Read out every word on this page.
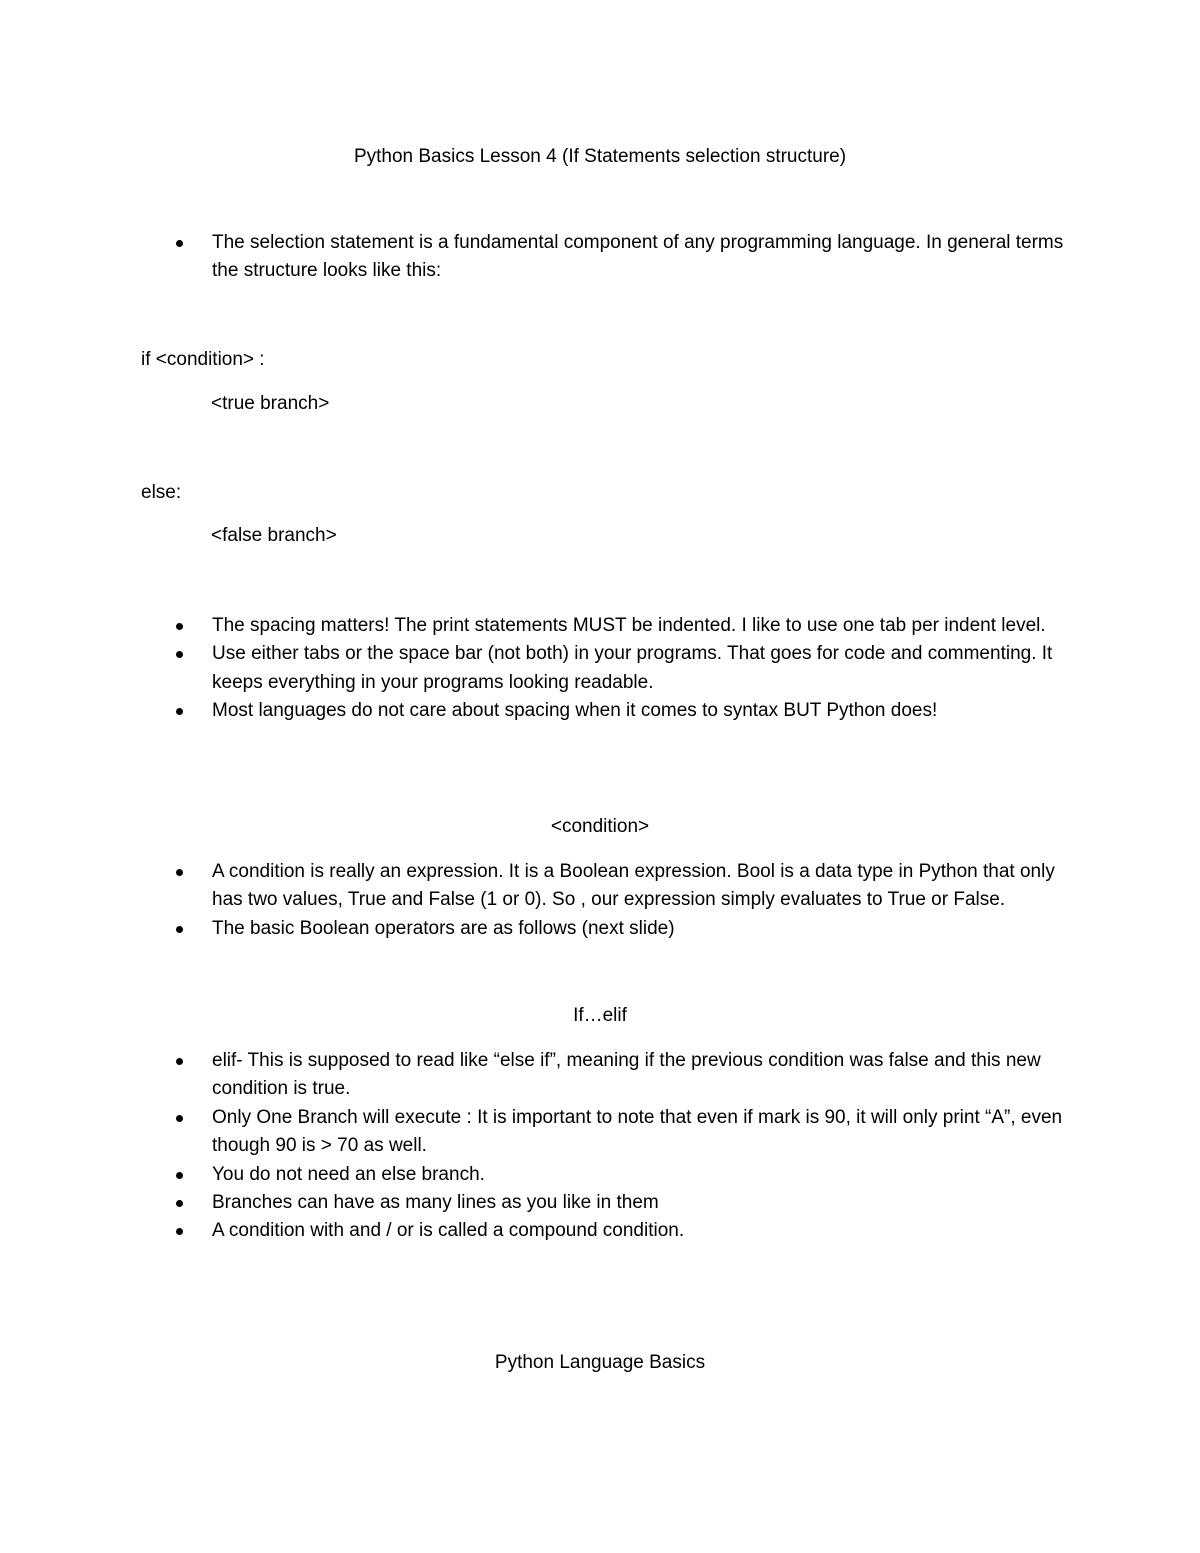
Python Basics Lesson 4 (If Statements selection structure)
The selection statement is a fundamental component of any programming language. In general terms the structure looks like this:
if <condition> :
<true branch>
else:
<false branch>
The spacing matters! The print statements MUST be indented. I like to use one tab per indent level.
Use either tabs or the space bar (not both) in your programs. That goes for code and commenting. It keeps everything in your programs looking readable.
Most languages do not care about spacing when it comes to syntax BUT Python does!
<condition>
A condition is really an expression. It is a Boolean expression. Bool is a data type in Python that only has two values, True and False (1 or 0). So , our expression simply evaluates to True or False.
The basic Boolean operators are as follows (next slide)
If…elif
elif- This is supposed to read like “else if”, meaning if the previous condition was false and this new condition is true.
Only One Branch will execute : It is important to note that even if mark is 90, it will only print “A”, even though 90 is > 70 as well.
You do not need an else branch.
Branches can have as many lines as you like in them
A condition with and / or is called a compound condition.
Python Language Basics
